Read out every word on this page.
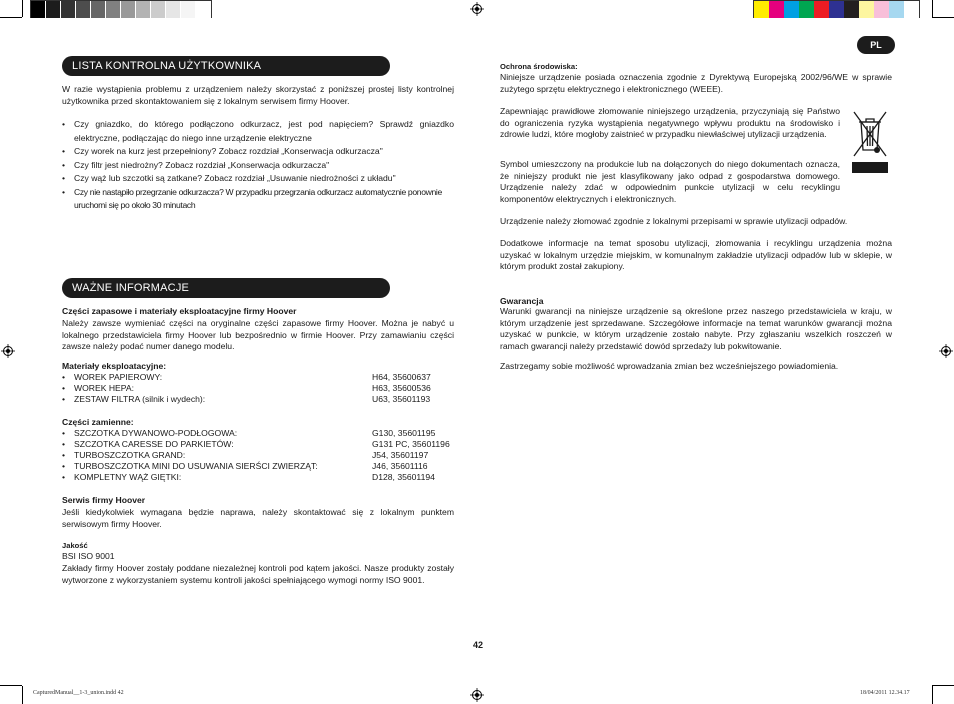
PL
LISTA KONTROLNA UŻYTKOWNIKA
W razie wystąpienia problemu z urządzeniem należy skorzystać z poniższej prostej listy kontrolnej użytkownika przed skontaktowaniem się z lokalnym serwisem firmy Hoover.
• Czy gniazdko, do którego podłączono odkurzacz, jest pod napięciem? Sprawdź gniazdko elektryczne, podłączając do niego inne urządzenie elektryczne
• Czy worek na kurz jest przepełniony? Zobacz rozdział „Konserwacja odkurzacza"
• Czy filtr jest niedrożny? Zobacz rozdział „Konserwacja odkurzacza"
• Czy wąż lub szczotki są zatkane? Zobacz rozdział „Usuwanie niedrożności z układu"
• Czy nie nastąpiło przegrzanie odkurzacza? W przypadku przegrzania odkurzacz automatycznie ponownie uruchomi się po około 30 minutach
WAŻNE INFORMACJE
Części zapasowe i materiały eksploatacyjne firmy Hoover
Należy zawsze wymieniać części na oryginalne części zapasowe firmy Hoover. Można je nabyć u lokalnego przedstawiciela firmy Hoover lub bezpośrednio w firmie Hoover. Przy zamawianiu części zawsze należy podać numer danego modelu.
Materiały eksploatacyjne:
• WOREK PAPIEROWY:	H64, 35600637
• WOREK HEPA:	H63, 35600536
• ZESTAW FILTRA (silnik i wydech):	U63, 35601193
Części zamienne:
• SZCZOTKA DYWANOWO-PODŁOGOWA:	G130, 35601195
• SZCZOTKA CARESSE DO PARKIETÓW:	G131 PC, 35601196
• TURBOSZCZOTKA GRAND:	J54, 35601197
• TURBOSZCZOTKA MINI DO USUWANIA SIERŚCI ZWIERZĄT:	J46, 35601116
• KOMPLETNY WĄŻ GIĘTKI:	D128, 35601194
Serwis firmy Hoover
Jeśli kiedykolwiek wymagana będzie naprawa, należy skontaktować się z lokalnym punktem serwisowym firmy Hoover.
Jakość
BSI ISO 9001
Zakłady firmy Hoover zostały poddane niezależnej kontroli pod kątem jakości. Nasze produkty zostały wytworzone z wykorzystaniem systemu kontroli jakości spełniającego wymogi normy ISO 9001.
Ochrona środowiska:
Niniejsze urządzenie posiada oznaczenia zgodnie z Dyrektywą Europejską 2002/96/WE w sprawie zużytego sprzętu elektrycznego i elektronicznego (WEEE).
Zapewniając prawidłowe złomowanie niniejszego urządzenia, przyczyniają się Państwo do ograniczenia ryzyka wystąpienia negatywnego wpływu produktu na środowisko i zdrowie ludzi, które mogłoby zaistnieć w przypadku niewłaściwej utylizacji urządzenia.
Symbol umieszczony na produkcie lub na dołączonych do niego dokumentach oznacza, że niniejszy produkt nie jest klasyfikowany jako odpad z gospodarstwa domowego. Urządzenie należy zdać w odpowiednim punkcie utylizacji w celu recyklingu komponentów elektrycznych i elektronicznych.
Urządzenie należy złomować zgodnie z lokalnymi przepisami w sprawie utylizacji odpadów.
Dodatkowe informacje na temat sposobu utylizacji, złomowania i recyklingu urządzenia można uzyskać w lokalnym urzędzie miejskim, w komunalnym zakładzie utylizacji odpadów lub w sklepie, w którym produkt został zakupiony.
Gwarancja
Warunki gwarancji na niniejsze urządzenie są określone przez naszego przedstawiciela w kraju, w którym urządzenie jest sprzedawane. Szczegółowe informacje na temat warunków gwarancji można uzyskać w punkcie, w którym urządzenie zostało nabyte. Przy zgłaszaniu wszelkich roszczeń w ramach gwarancji należy przedstawić dowód sprzedaży lub pokwitowanie.
Zastrzegamy sobie możliwość wprowadzania zmian bez wcześniejszego powiadomienia.
42
CapturedManual__1-3_union.indd 42	18/04/2011 12.34.17
